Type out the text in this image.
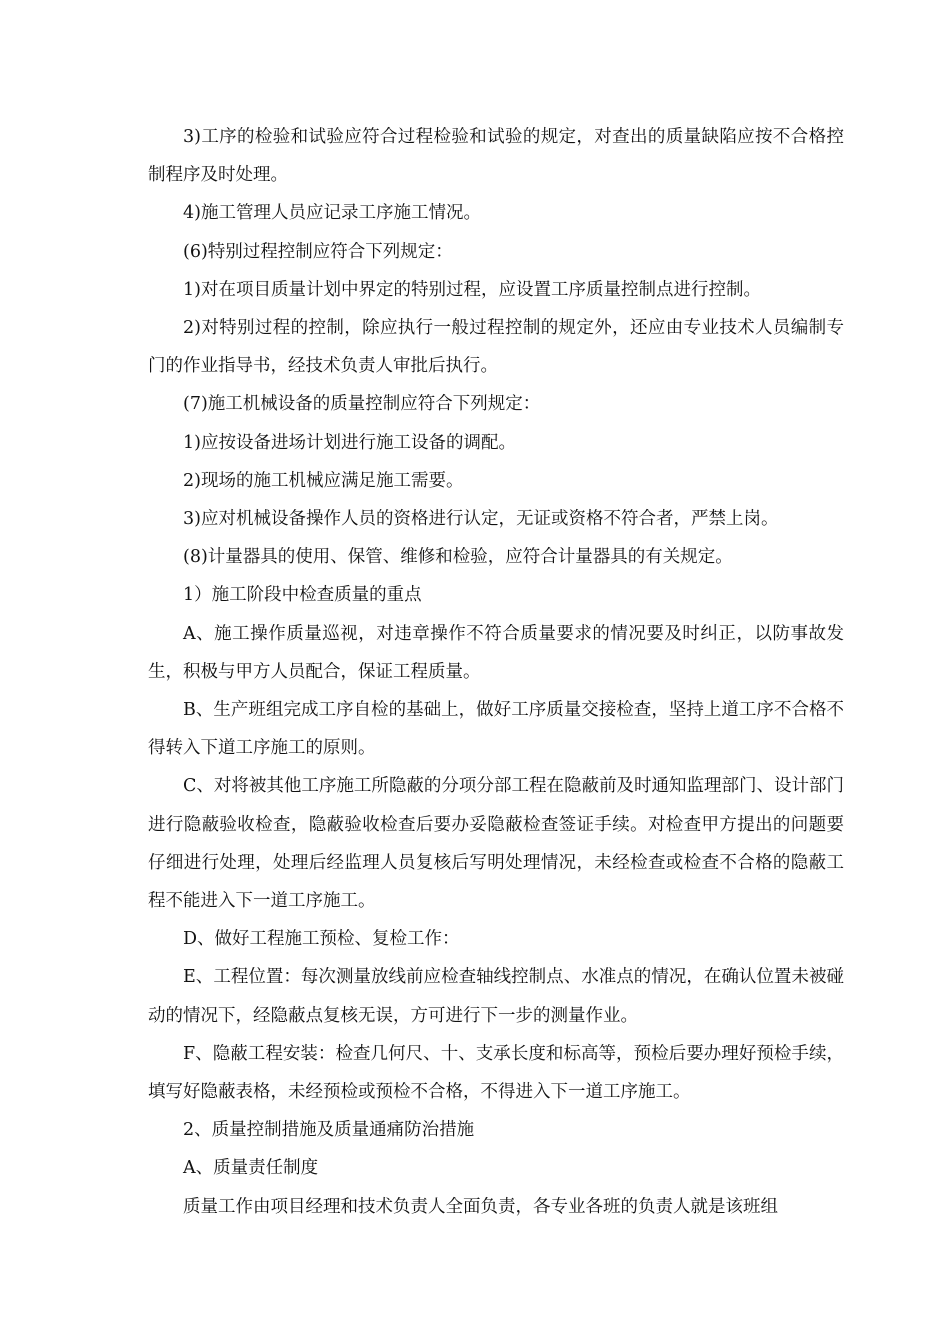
3)工序的检验和试验应符合过程检验和试验的规定，对查出的质量缺陷应按不合格控制程序及时处理。

4)施工管理人员应记录工序施工情况。

(6)特别过程控制应符合下列规定：

1)对在项目质量计划中界定的特别过程，应设置工序质量控制点进行控制。

2)对特别过程的控制，除应执行一般过程控制的规定外，还应由专业技术人员编制专门的作业指导书，经技术负责人审批后执行。

(7)施工机械设备的质量控制应符合下列规定：

1)应按设备进场计划进行施工设备的调配。

2)现场的施工机械应满足施工需要。

3)应对机械设备操作人员的资格进行认定，无证或资格不符合者，严禁上岗。

(8)计量器具的使用、保管、维修和检验，应符合计量器具的有关规定。

1）施工阶段中检查质量的重点

A、施工操作质量巡视，对违章操作不符合质量要求的情况要及时纠正，以防事故发生，积极与甲方人员配合，保证工程质量。

B、生产班组完成工序自检的基础上，做好工序质量交接检查，坚持上道工序不合格不得转入下道工序施工的原则。

C、对将被其他工序施工所隐蔽的分项分部工程在隐蔽前及时通知监理部门、设计部门进行隐蔽验收检查，隐蔽验收检查后要办妥隐蔽检查签证手续。对检查甲方提出的问题要仔细进行处理，处理后经监理人员复核后写明处理情况，未经检查或检查不合格的隐蔽工程不能进入下一道工序施工。

D、做好工程施工预检、复检工作：

E、工程位置：每次测量放线前应检查轴线控制点、水准点的情况，在确认位置未被碰动的情况下，经隐蔽点复核无误，方可进行下一步的测量作业。

F、隐蔽工程安装：检查几何尺、十、支承长度和标高等，预检后要办理好预检手续，填写好隐蔽表格，未经预检或预检不合格，不得进入下一道工序施工。

2、质量控制措施及质量通痛防治措施

A、质量责任制度

质量工作由项目经理和技术负责人全面负责，各专业各班的负责人就是该班组
